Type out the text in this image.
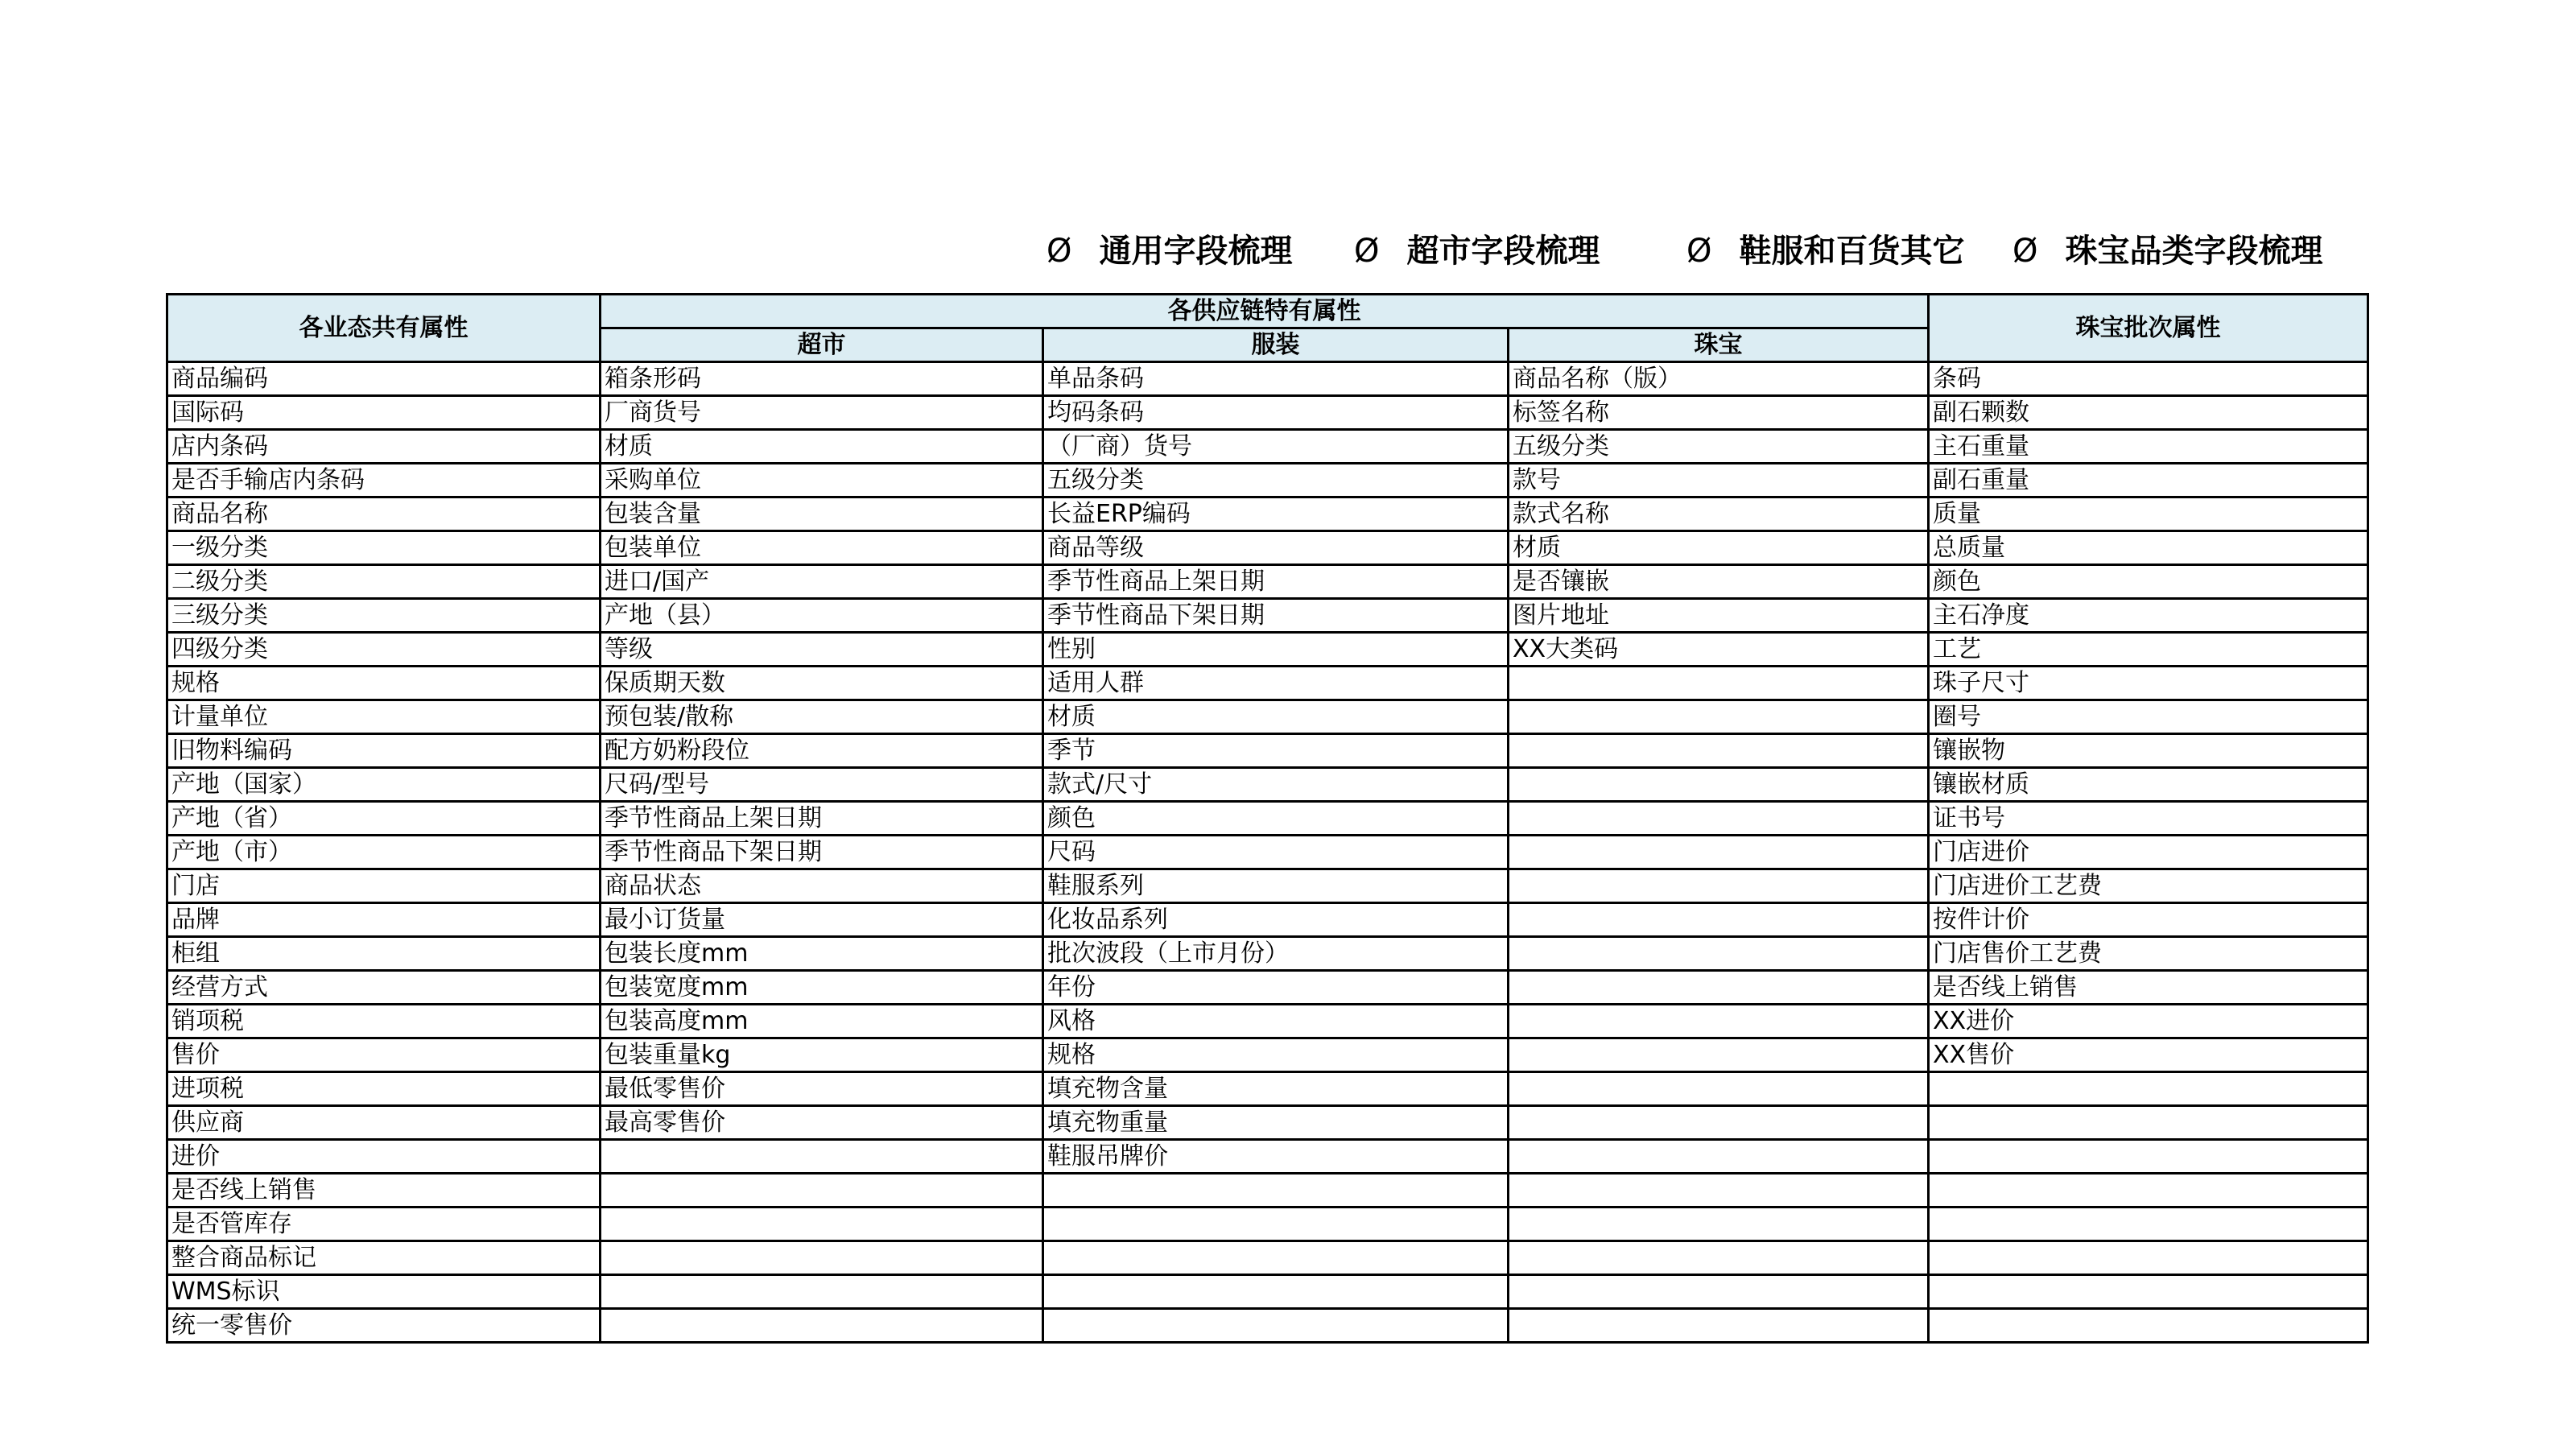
Ø 通用字段梳理 Ø 超市字段梳理	Ø 鞋服和百货其它 Ø 珠宝品类字段梳理
各业态共有属性	各供应链特有属性			珠宝批次属性
	超市	服装	珠宝	
商品编码	箱条形码	单品条码	商品名称（版）	条码
国际码	厂商货号	均码条码	标签名称	副石颗数
店内条码	材质	（厂商）货号	五级分类	主石重量
是否手输店内条码	采购单位	五级分类	款号	副石重量
商品名称	包装含量	长益ERP编码	款式名称	质量
一级分类	包装单位	商品等级	材质	总质量
二级分类	进口/国产	季节性商品上架日期	是否镶嵌	颜色
三级分类	产地（县）	季节性商品下架日期	图片地址	主石净度
四级分类	等级	性别	XX大类码	工艺
规格	保质期天数	适用人群		珠子尺寸
计量单位	预包装/散称	材质		圈号
旧物料编码	配方奶粉段位	季节		镶嵌物
产地（国家）	尺码/型号	款式/尺寸		镶嵌材质
产地（省）	季节性商品上架日期	颜色		证书号
产地（市）	季节性商品下架日期	尺码		门店进价
门店	商品状态	鞋服系列		门店进价工艺费
品牌	最小订货量	化妆品系列		按件计价
柜组	包装长度mm	批次波段（上市月份）		门店售价工艺费
经营方式	包装宽度mm	年份		是否线上销售
销项税	包装高度mm	风格		XX进价
售价	包装重量kg	规格		XX售价
进项税	最低零售价	填充物含量		
供应商	最高零售价	填充物重量		
进价		鞋服吊牌价		
是否线上销售				
是否管库存				
整合商品标记				
WMS标识				
统一零售价				
